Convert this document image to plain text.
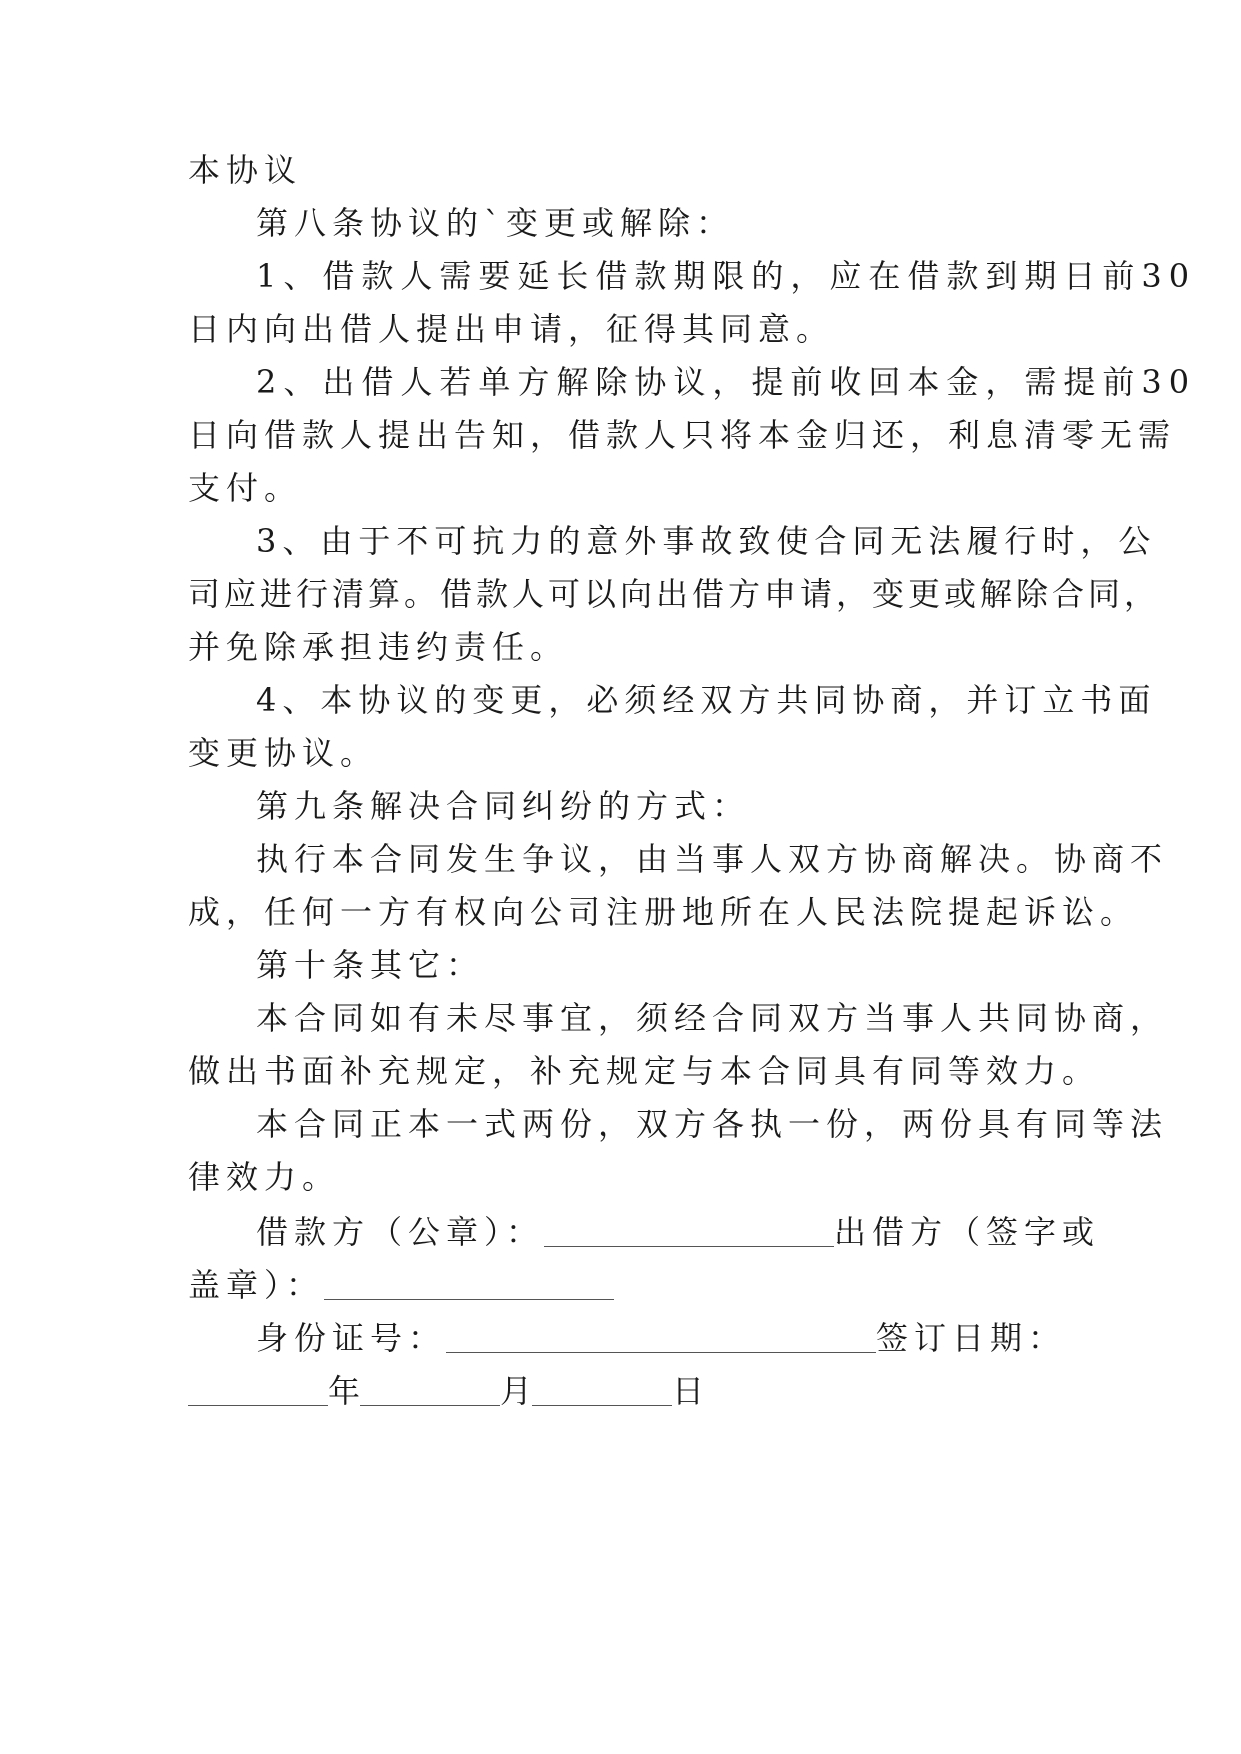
本协议
第八条协议的`变更或解除：
1、借款人需要延长借款期限的，应在借款到期日前30
日内向出借人提出申请，征得其同意。
2、出借人若单方解除协议，提前收回本金，需提前30
日向借款人提出告知，借款人只将本金归还，利息清零无需
支付。
3、由于不可抗力的意外事故致使合同无法履行时，公
司应进行清算。借款人可以向出借方申请，变更或解除合同，
并免除承担违约责任。
4、本协议的变更，必须经双方共同协商，并订立书面
变更协议。
第九条解决合同纠纷的方式：
执行本合同发生争议，由当事人双方协商解决。协商不
成，任何一方有权向公司注册地所在人民法院提起诉讼。
第十条其它：
本合同如有未尽事宜，须经合同双方当事人共同协商，
做出书面补充规定，补充规定与本合同具有同等效力。
本合同正本一式两份，双方各执一份，两份具有同等法
律效力。
借款方（公章）：	出借方（签字或
盖章）：
身份证号：	签订日期：
年	月	日
